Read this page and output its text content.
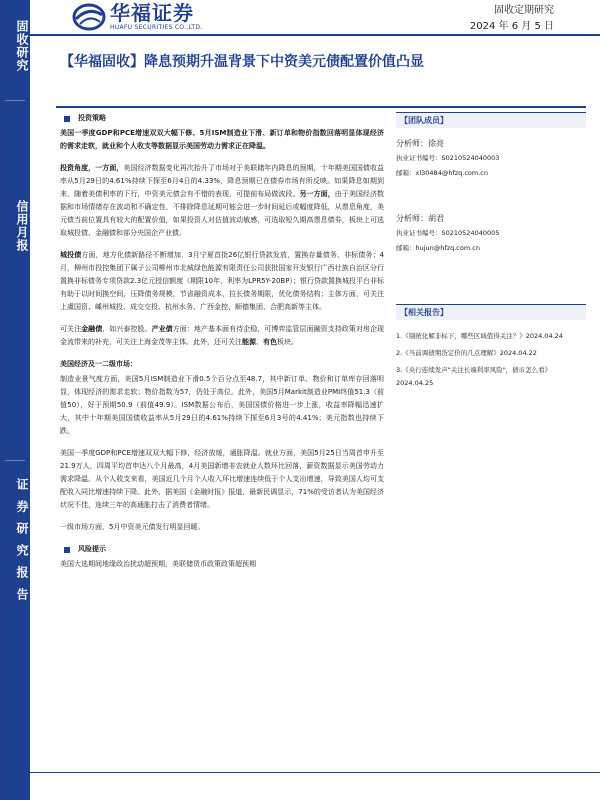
固收研究
信用月报
证券研究报告
华福证券
HUAFU SECURITIES CO.,LTD.
固收定期研究
2024 年 6 月 5 日
【华福固收】降息预期升温背景下中资美元债配置价值凸显
投资策略

美国一季度GDP和PCE增速双双大幅下修、5月ISM制造业下滑、新订单和物价指数回落明显体现经济的需求走软，就业和个人收支等数据显示美国劳动力需求正在降温。

投资角度，一方面，美国经济数据变化再次抬升了市场对于美联储年内降息的预期，十年期美国国债收益率从5月29日的4.61%持续下探至6月4日的4.33%，降息预期已在债券市场有所反映。如果降息如期到来，随着美债利率的下行，中资美元债会有不错的表现，可提前布局做波段。另一方面，由于美国经济数据和市场情绪存在波动和不确定性，不排除降息延期可能会进一步时间延后或幅度降低，从票息角度，美元债当前位置具有较大的配置价值，如果投资人对估值波动敏感，可选取短久期高票息债券，板块上可选取城投债、金融债和部分央国企产业债。

城投债方面，地方化债新路径不断增加，3月宁夏首批26亿银行贷款发放，置换存量债务、非标债务；4月，柳州市投控集团下属子公司柳州市北城绿色能源有限责任公司获批国家开发银行广西壮族自治区分行置换非标债务专项贷款2.3亿元授信额度（期限10年，利率为LPR5Y-20BP）；银行贷款置换城投平台非标有助于以时间换空间，压降债务规模，节省融资成本，拉长债务期限，优化债务结构；主体方面，可关注上虞国资、嵊州城投、成交交投、杭州水务、广西金控、顺德集团、合肥高新等主体。

可关注金融债，如兴泰控股。产业债方面：地产基本面有待企稳，可博弈监管层面融资支持政策对房企现金流带来的补充，可关注上海金茂等主体。此外，还可关注能源、有色板块。

美国经济及一二级市场：

制造业景气度方面，美国5月ISM制造业下滑0.5个百分点至48.7，其中新订单、物价和订单库存回落明显，体现经济的需求走软；物价指数为57，仍处于高位。此外，美国5月Markit制造业PMI终值51.3（前值50），好于预期50.9（前值49.9）。ISM数据公布后，美国国债价格进一步上涨，收益率降幅迅速扩大，其中十年期美国国债收益率从5月29日的4.61%持续下探至6月3号的4.41%；美元指数也持续下跌。

美国一季度GDP和PCE增速双双大幅下修，经济放缓，通胀降温。就业方面，美国5月25日当周首申升至21.9万人，四周平均首申达八个月最高，4月美国新增非农就业人数环比回落，薪资数据显示美国劳动力需求降温。从个人收支来看，美国近几个月个人收入环比增速连续低于个人支出增速，导致美国人均可支配收入同比增速持续下降。此外，据美国《金融时报》报道，最新民调显示，71%的受访者认为美国经济状况不佳，连续三年的高通胀打击了消费者情绪。

一级市场方面，5月中资美元债发行明显回暖。

风险提示

美国大选期间地缘政治扰动超预期，美联储货币政策政策超预期

【团队成员】
分析师：徐亮
执业证书编号：S0210524040003
邮箱：xl30484@hfzq.com.cn
分析师：胡君
执业证书编号：S0210524040005
邮箱：hujun@hfzq.com.cn
【相关报告】
1.《剔统化解非标下，哪些区域值得关注？》2024.04.24
2.《当前调债期货定价的几点理解》2024.04.22
3.《央行连续发声"关注长端利率风险"，债市怎么看》2024.04.25
